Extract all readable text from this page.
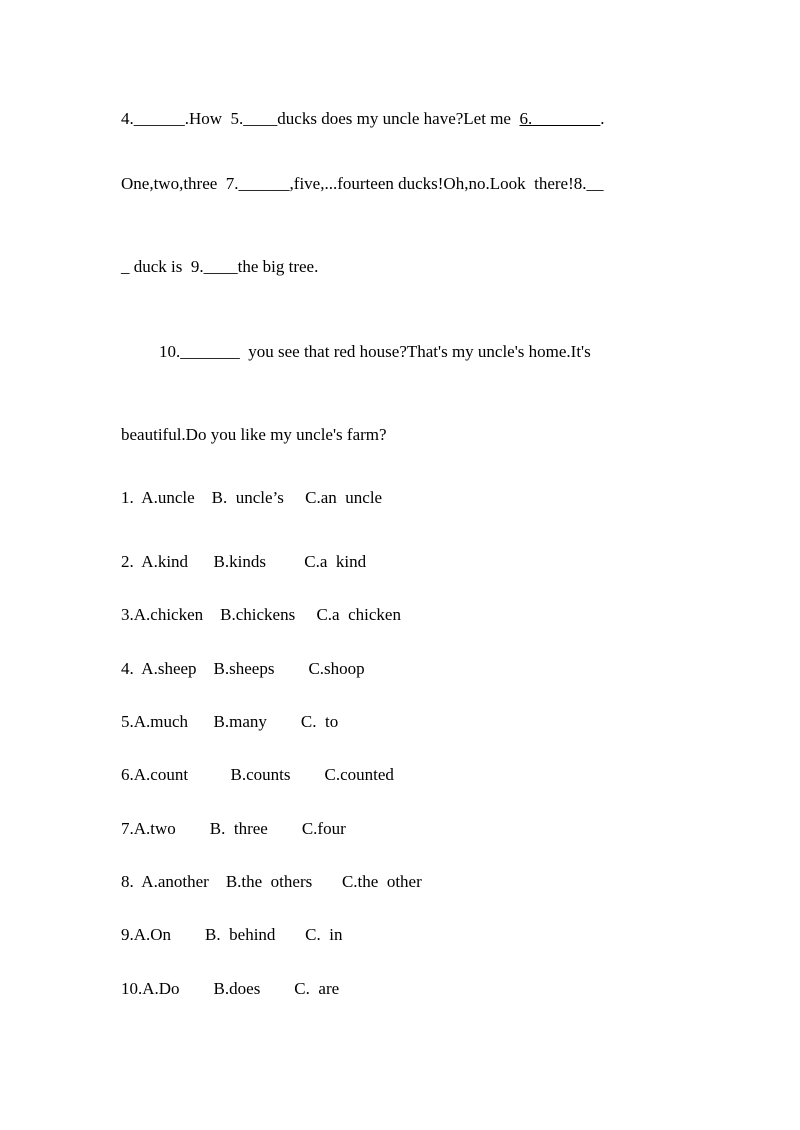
4.______.How  5.____ducks does my uncle have?Let me  6.________.
One,two,three  7.______,five,...fourteen ducks!Oh,no.Look  there!8.__
_ duck is  9.____the big tree.
10._______  you see that red house?That's my uncle's home.It's
beautiful.Do you like my uncle's farm?
1.  A.uncle    B.  uncle’s     C.an  uncle
2.  A.kind      B.kinds         C.a  kind
3.A.chicken    B.chickens     C.a  chicken
4.  A.sheep    B.sheeps        C.shoop
5.A.much      B.many        C.  to
6.A.count          B.counts        C.counted
7.A.two        B.  three        C.four
8.  A.another    B.the  others       C.the  other
9.A.On        B.  behind       C.  in
10.A.Do        B.does        C.  are
